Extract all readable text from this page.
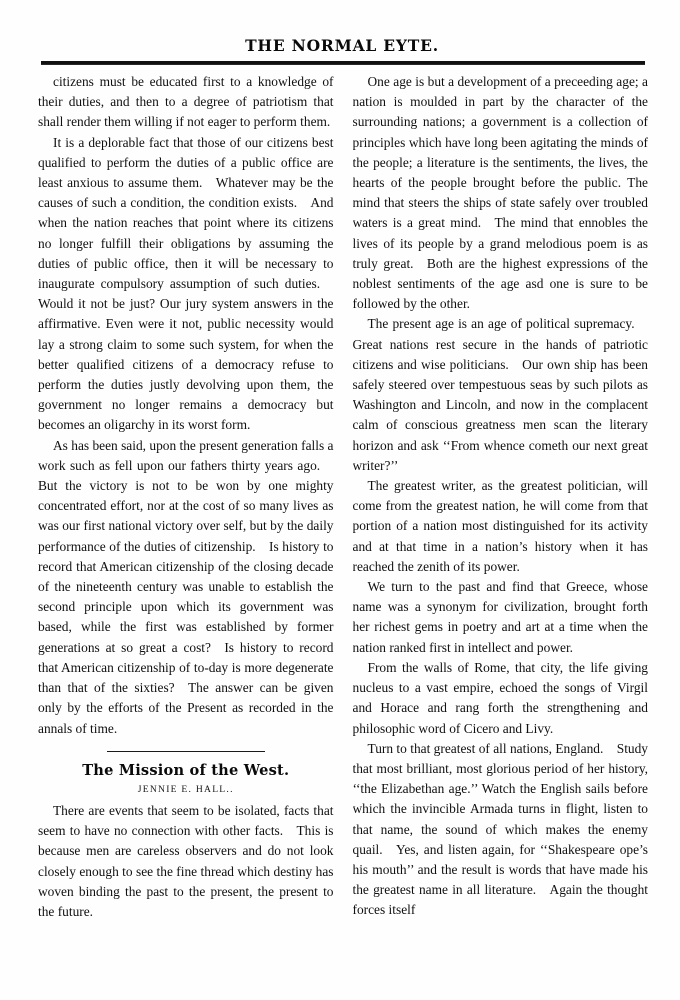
THE NORMAL EYTE.

citizens must be educated first to a knowledge of their duties, and then to a degree of patriotism that shall render them willing if not eager to perform them.

It is a deplorable fact that those of our citizens best qualified to perform the duties of a public office are least anxious to assume them. Whatever may be the causes of such a condition, the condition exists. And when the nation reaches that point where its citizens no longer fulfill their obligations by assuming the duties of public office, then it will be necessary to inaugurate compulsory assumption of such duties. Would it not be just? Our jury system answers in the affirmative. Even were it not, public necessity would lay a strong claim to some such system, for when the better qualified citizens of a democracy refuse to perform the duties justly devolving upon them, the government no longer remains a democracy but becomes an oligarchy in its worst form.

As has been said, upon the present generation falls a work such as fell upon our fathers thirty years ago. But the victory is not to be won by one mighty concentrated effort, nor at the cost of so many lives as was our first national victory over self, but by the daily performance of the duties of citizenship. Is history to record that American citizenship of the closing decade of the nineteenth century was unable to establish the second principle upon which its government was based, while the first was established by former generations at so great a cost? Is history to record that American citizenship of to-day is more degenerate than that of the sixties? The answer can be given only by the efforts of the Present as recorded in the annals of time.

The Mission of the West.
JENNIE E. HALL..

There are events that seem to be isolated, facts that seem to have no connection with other facts. This is because men are careless observers and do not look closely enough to see the fine thread which destiny has woven binding the past to the present, the present to the future.

One age is but a development of a preceeding age; a nation is moulded in part by the character of the surrounding nations; a government is a collection of principles which have long been agitating the minds of the people; a literature is the sentiments, the lives, the hearts of the people brought before the public. The mind that steers the ships of state safely over troubled waters is a great mind. The mind that ennobles the lives of its people by a grand melodious poem is as truly great. Both are the highest expressions of the noblest sentiments of the age asd one is sure to be followed by the other.

The present age is an age of political supremacy. Great nations rest secure in the hands of patriotic citizens and wise politicians. Our own ship has been safely steered over tempestuous seas by such pilots as Washington and Lincoln, and now in the complacent calm of conscious greatness men scan the literary horizon and ask ‘‘From whence cometh our next great writer?’’

The greatest writer, as the greatest politician, will come from the greatest nation, he will come from that portion of a nation most distinguished for its activity and at that time in a nation’s history when it has reached the zenith of its power.

We turn to the past and find that Greece, whose name was a synonym for civilization, brought forth her richest gems in poetry and art at a time when the nation ranked first in intellect and power.

From the walls of Rome, that city, the life giving nucleus to a vast empire, echoed the songs of Virgil and Horace and rang forth the strengthening and philosophic word of Cicero and Livy.

Turn to that greatest of all nations, England. Study that most brilliant, most glorious period of her history, ‘‘the Elizabethan age.’’ Watch the English sails before which the invincible Armada turns in flight, listen to that name, the sound of which makes the enemy quail. Yes, and listen again, for ‘‘Shakespeare ope’s his mouth’’ and the result is words that have made his the greatest name in all literature. Again the thought forces itself
